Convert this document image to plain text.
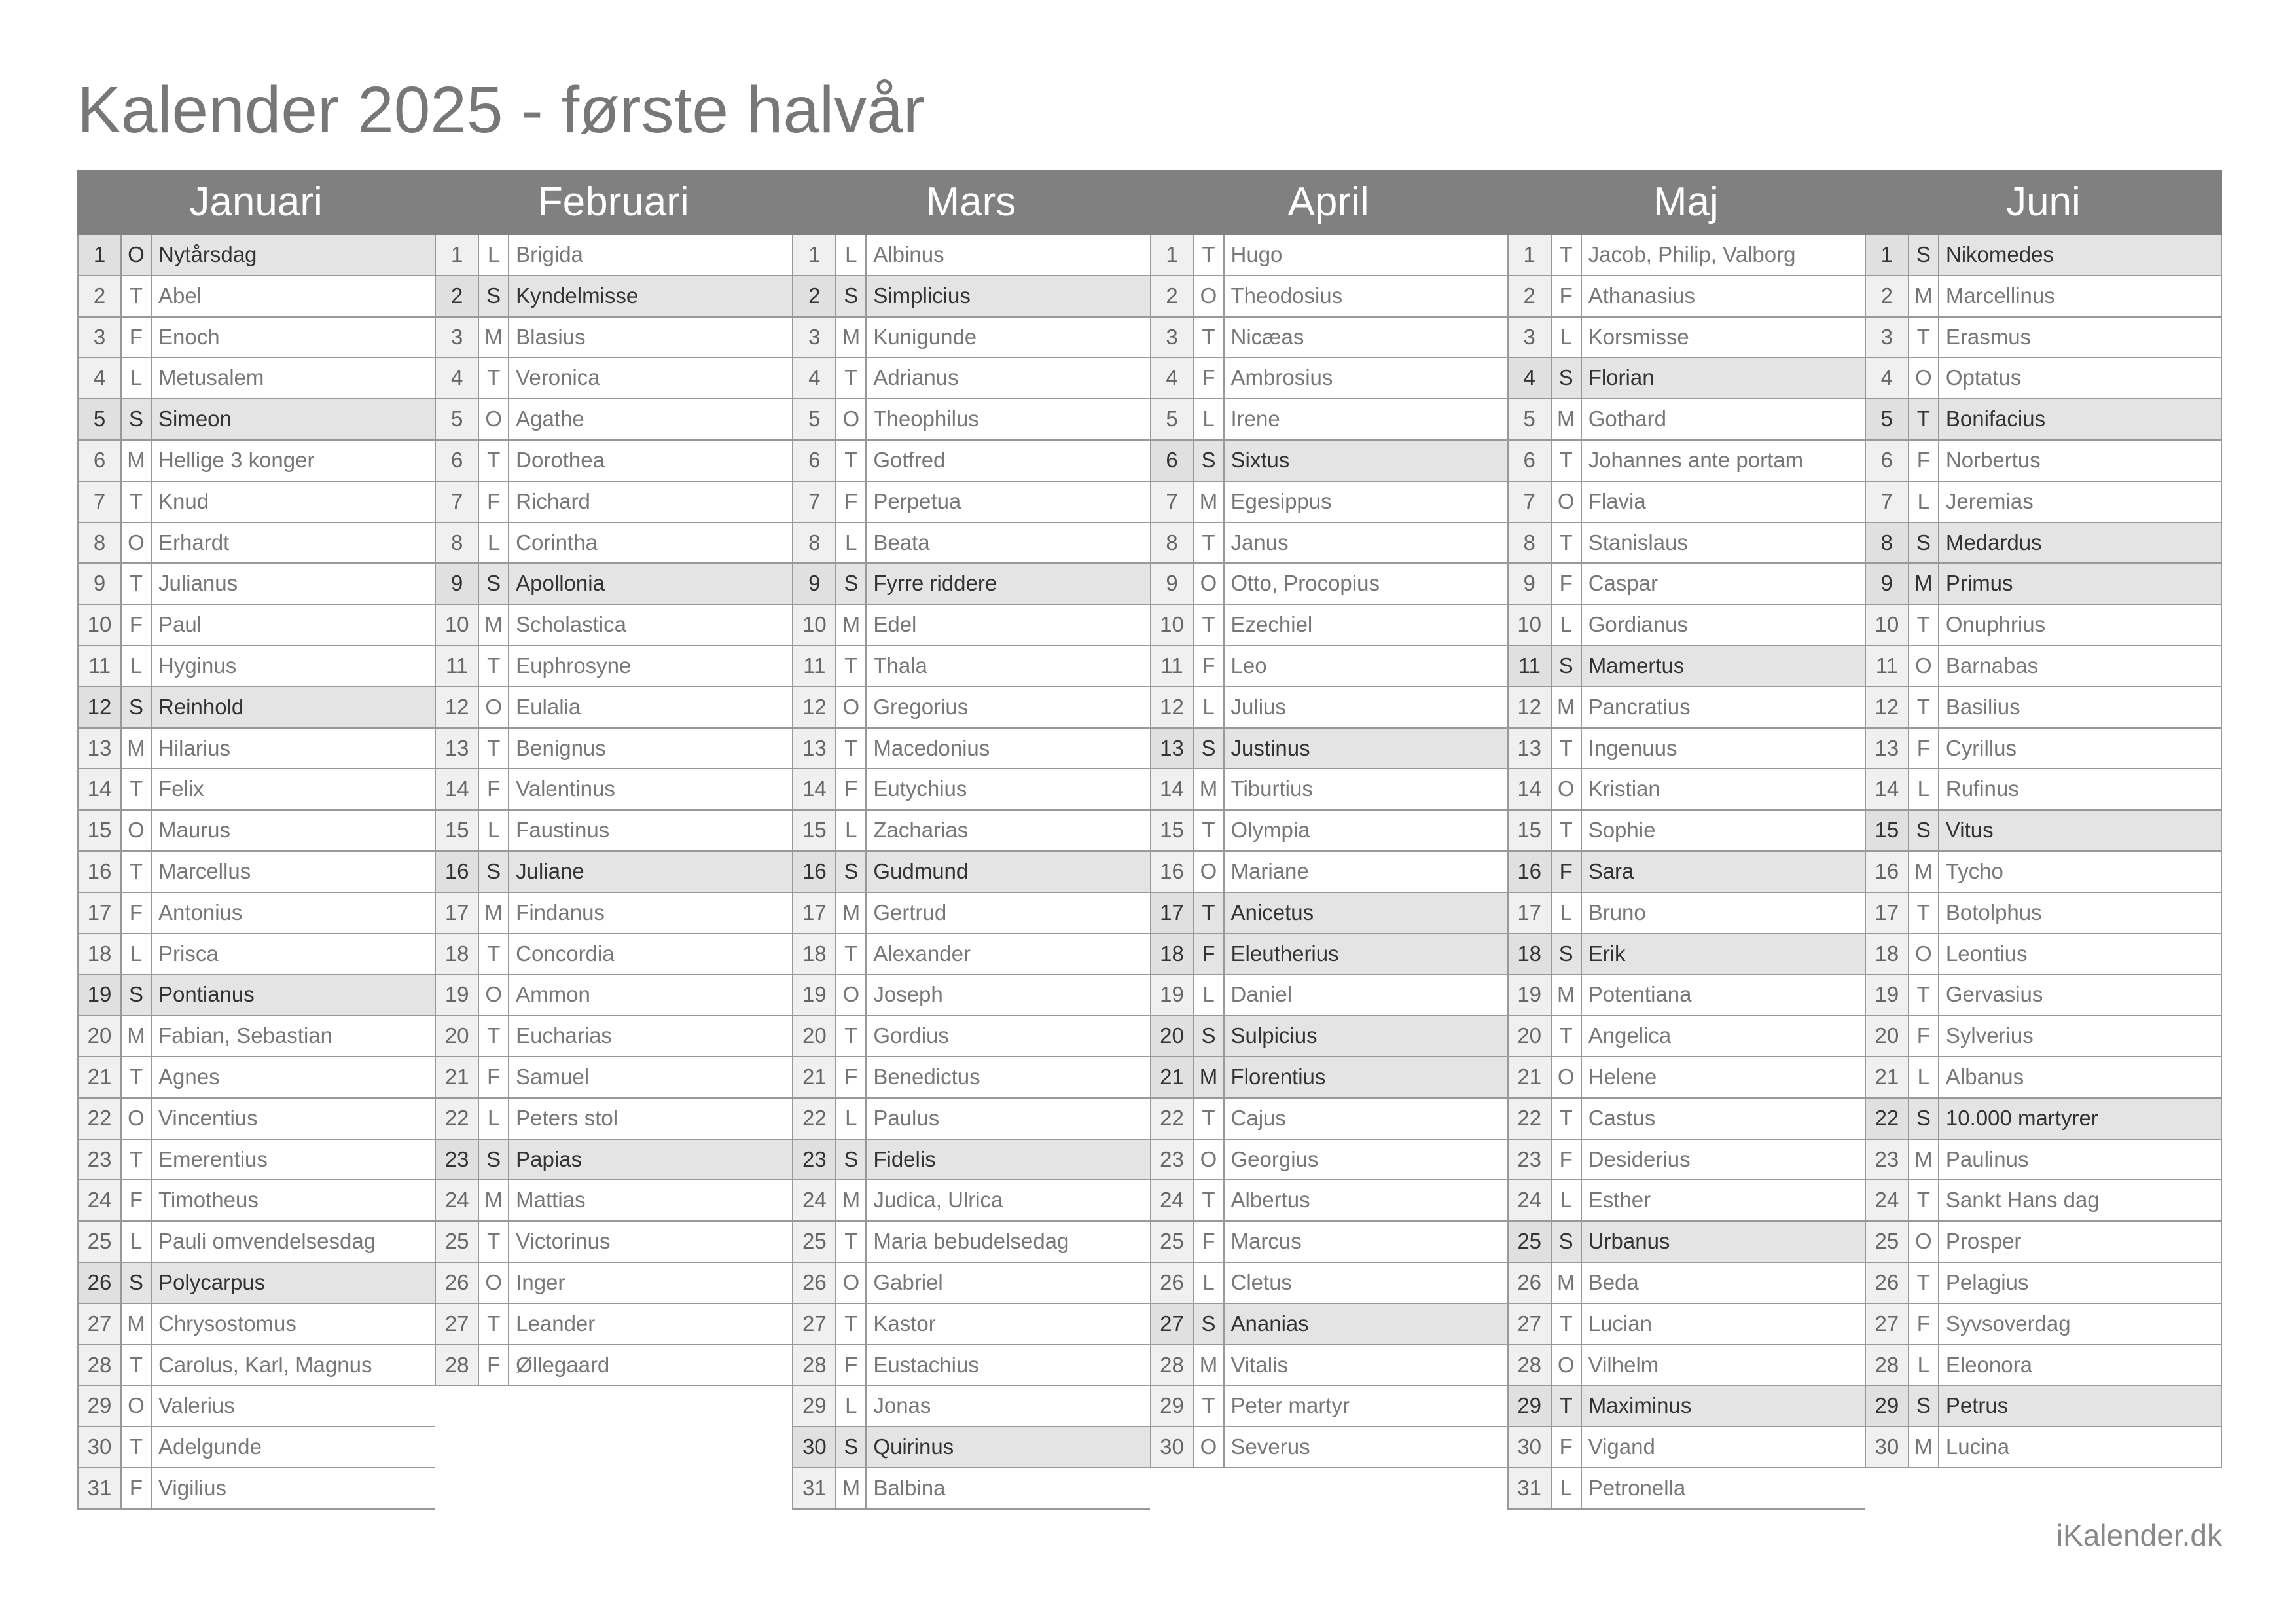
Kalender 2025 - første halvår
Januari	Februari	Mars	April	Maj	Juni
1	O Nytårsdag
2	T Abel
3	F Enoch
4	L Metusalem
5	S Simeon
6	M Hellige 3 konger
7	T Knud
8	O Erhardt
9	T Julianus
10 F Paul
11 L Hyginus
12 S Reinhold
13 M Hilarius
14 T Felix
15 O Maurus
16 T Marcellus
17 F Antonius
18 L Prisca
19 S Pontianus
20 M Fabian, Sebastian
21 T Agnes
22 O Vincentius
23 T Emerentius
24 F Timotheus
25 L Pauli omvendelsesdag
26 S Polycarpus
27 M Chrysostomus
28 T Carolus, Karl, Magnus
29 O Valerius
30 T Adelgunde
31 F Vigilius
1	L Brigida
2	S Kyndelmisse
3	M Blasius
4	T Veronica
5	O Agathe
6	T Dorothea
7	F Richard
8	L Corintha
9	S Apollonia
10 M Scholastica
11 T Euphrosyne
12 O Eulalia
13 T Benignus
14 F Valentinus
15 L Faustinus
16 S Juliane
17 M Findanus
18 T Concordia
19 O Ammon
20 T Eucharias
21 F Samuel
22 L Peters stol
23 S Papias
24 M Mattias
25 T Victorinus
26 O Inger
27 T Leander
28 F Øllegaard
1	L Albinus
2	S Simplicius
3	M Kunigunde
4	T Adrianus
5	O Theophilus
6	T Gotfred
7	F Perpetua
8	L Beata
9	S Fyrre riddere
10 M Edel
11 T Thala
12 O Gregorius
13 T Macedonius
14 F Eutychius
15 L Zacharias
16 S Gudmund
17 M Gertrud
18 T Alexander
19 O Joseph
20 T Gordius
21 F Benedictus
22 L Paulus
23 S Fidelis
24 M Judica, Ulrica
25 T Maria bebudelsedag
26 O Gabriel
27 T Kastor
28 F Eustachius
29 L Jonas
30 S Quirinus
31 M Balbina
1	T Hugo
2	O Theodosius
3	T Nicæas
4	F Ambrosius
5	L Irene
6	S Sixtus
7	M Egesippus
8	T Janus
9	O Otto, Procopius
10 T Ezechiel
11 F Leo
12 L Julius
13 S Justinus
14 M Tiburtius
15 T Olympia
16 O Mariane
17 T Anicetus
18 F Eleutherius
19 L Daniel
20 S Sulpicius
21 M Florentius
22 T Cajus
23 O Georgius
24 T Albertus
25 F Marcus
26 L Cletus
27 S Ananias
28 M Vitalis
29 T Peter martyr
30 O Severus
1	T Jacob, Philip, Valborg
2	F Athanasius
3	L Korsmisse
4	S Florian
5	M Gothard
6	T Johannes ante portam
7	O Flavia
8	T Stanislaus
9	F Caspar
10 L Gordianus
11 S Mamertus
12 M Pancratius
13 T Ingenuus
14 O Kristian
15 T Sophie
16 F Sara
17 L Bruno
18 S Erik
19 M Potentiana
20 T Angelica
21 O Helene
22 T Castus
23 F Desiderius
24 L Esther
25 S Urbanus
26 M Beda
27 T Lucian
28 O Vilhelm
29 T Maximinus
30 F Vigand
31 L Petronella
1	S Nikomedes
2	M Marcellinus
3	T Erasmus
4	O Optatus
5	T Bonifacius
6	F Norbertus
7	L Jeremias
8	S Medardus
9	M Primus
10 T Onuphrius
11 O Barnabas
12 T Basilius
13 F Cyrillus
14 L Rufinus
15 S Vitus
16 M Tycho
17 T Botolphus
18 O Leontius
19 T Gervasius
20 F Sylverius
21 L Albanus
22 S 10.000 martyrer
23 M Paulinus
24 T Sankt Hans dag
25 O Prosper
26 T Pelagius
27 F Syvsoverdag
28 L Eleonora
29 S Petrus
30 M Lucina
iKalender.dk
